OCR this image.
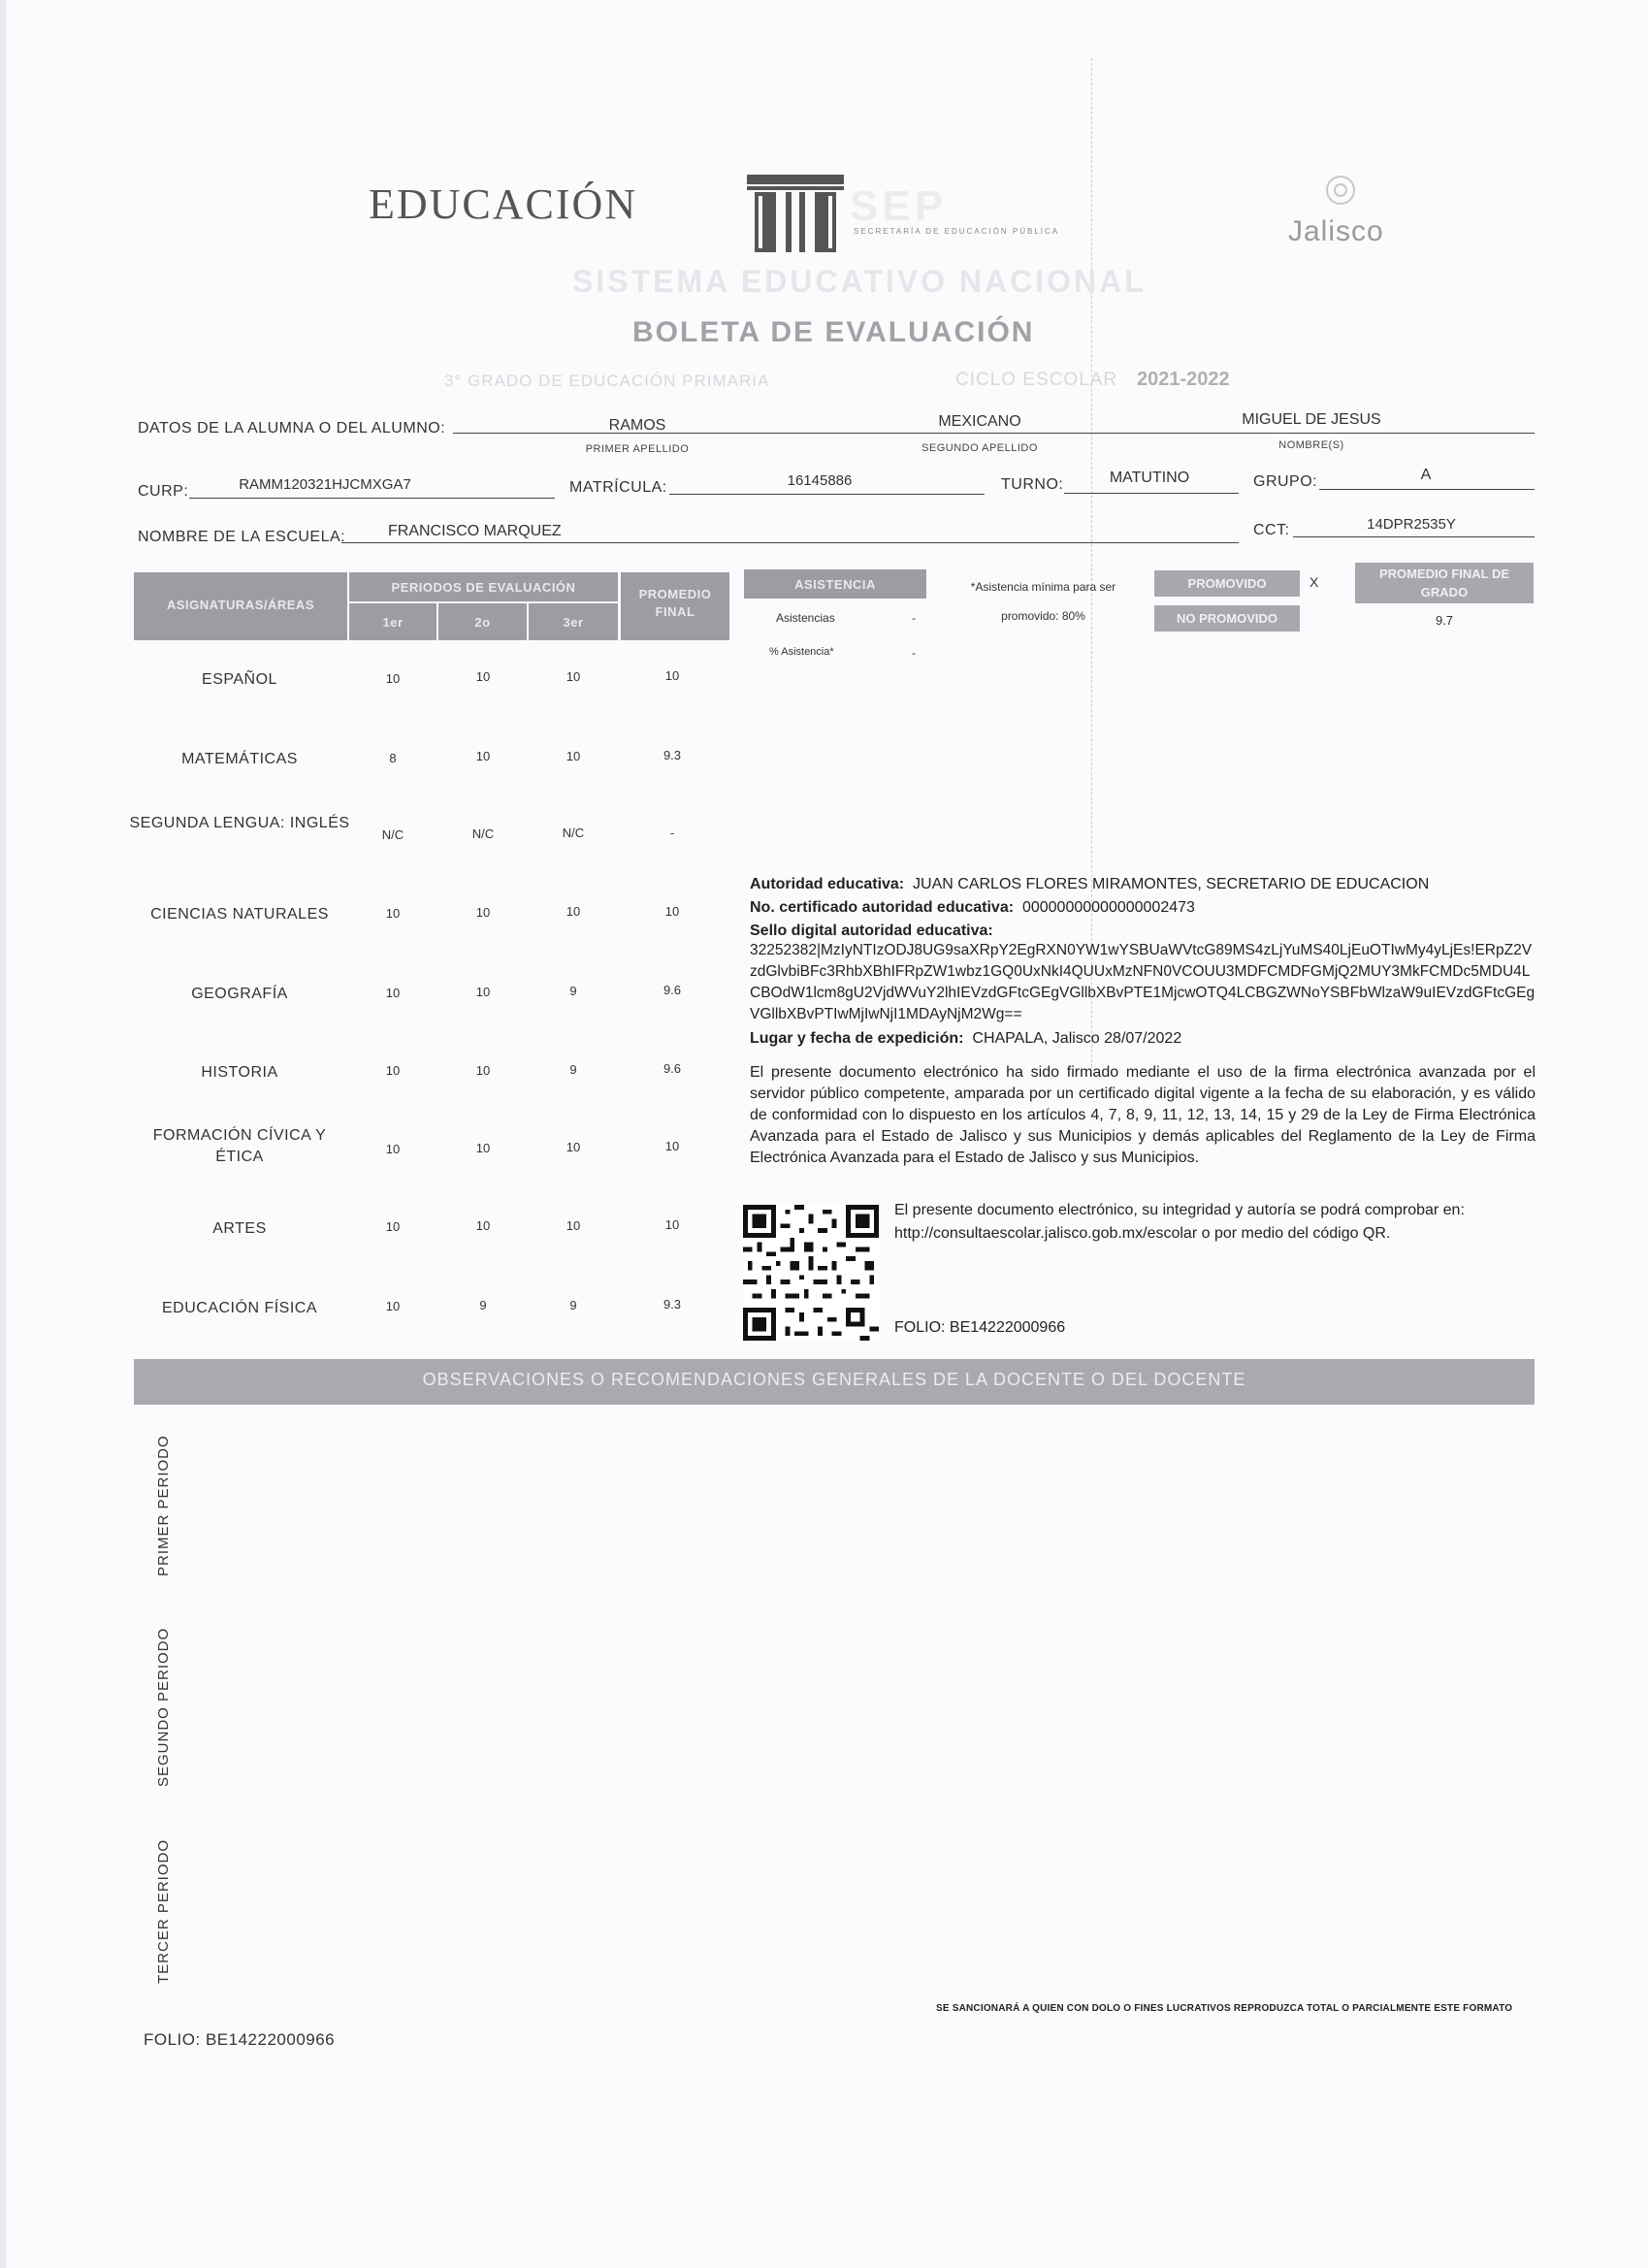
EDUCACIÓN	SEP
SECRETARÍA DE EDUCACIÓN PÚBLICA	Jalisco
SISTEMA EDUCATIVO NACIONAL
BOLETA DE EVALUACIÓN
3° GRADO DE EDUCACIÓN PRIMARIA	CICLO ESCOLAR 2021-2022
DATOS DE LA ALUMNA O DEL ALUMNO:	RAMOS
PRIMER APELLIDO
MEXICANO
SEGUNDO APELLIDO
MIGUEL DE JESUS
NOMBRE(S)
CURP:	RAMM120321HJCMXGA7	MATRÍCULA:	16145886	TURNO:	MATUTINO	GRUPO:	A
NOMBRE DE LA ESCUELA:	FRANCISCO MARQUEZ	CCT:	14DPR2535Y
ASIGNATURAS/ÁREAS
PERIODOS DE EVALUACIÓN
1er	2o	3er
PROMEDIO FINAL
ESPAÑOL	10	10	10	10
MATEMÁTICAS	8	10	10	9.3
SEGUNDA LENGUA: INGLÉS
N/C	N/C	N/C	-
CIENCIAS NATURALES	10	10	10	10
GEOGRAFÍA	10	10	9	9.6
HISTORIA	10	10	9	9.6
FORMACIÓN CÍVICA Y ÉTICA	10	10	10	10
ARTES	10	10	10	10
EDUCACIÓN FÍSICA	10	9	9	9.3
ASISTENCIA
Asistencias	-
% Asistencia*	-
*Asistencia mínima para ser promovido: 80%
PROMOVIDO	X
NO PROMOVIDO
PROMEDIO FINAL DE GRADO
9.7
Autoridad educativa: JUAN CARLOS FLORES MIRAMONTES, SECRETARIO DE EDUCACION
No. certificado autoridad educativa: 00000000000000002473
Sello digital autoridad educativa:
32252382|MzIyNTIzODJ8UG9saXRpY2EgRXN0YW1wYSBUaWVtcG89MS4zLjYuMS40LjEuOTIwMy4yLjEs!ERpZ2VzdGlvbiBFc3RhbXBhIFRpZW1wbz1GQ0UxNkI4QUUxMzNFN0VCOUU3MDFCMDFGMjQ2MUY3MkFCMDc5MDU4LCBOdW1lcm8gU2VjdWVuY2lhIEVzdGFtcGEgVGllbXBvPTE1MjcwOTQ4LCBGZWNoYSBFbWlzaW9uIEVzdGFtcGEgVGllbXBvPTIwMjIwNjI1MDAyNjM2Wg==
Lugar y fecha de expedición: CHAPALA, Jalisco 28/07/2022
El presente documento electrónico ha sido firmado mediante el uso de la firma electrónica avanzada por el servidor público competente, amparada por un certificado digital vigente a la fecha de su elaboración, y es válido de conformidad con lo dispuesto en los artículos 4, 7, 8, 9, 11, 12, 13, 14, 15 y 29 de la Ley de Firma Electrónica Avanzada para el Estado de Jalisco y sus Municipios y demás aplicables del Reglamento de la Ley de Firma Electrónica Avanzada para el Estado de Jalisco y sus Municipios.
El presente documento electrónico, su integridad y autoría se podrá comprobar en: http://consultaescolar.jalisco.gob.mx/escolar o por medio del código QR.
FOLIO: BE14222000966
OBSERVACIONES O RECOMENDACIONES GENERALES DE LA DOCENTE O DEL DOCENTE
PRIMER PERIODO
SEGUNDO PERIODO
TERCER PERIODO
SE SANCIONARÁ A QUIEN CON DOLO O FINES LUCRATIVOS REPRODUZCA TOTAL O PARCIALMENTE ESTE FORMATO
FOLIO: BE14222000966
